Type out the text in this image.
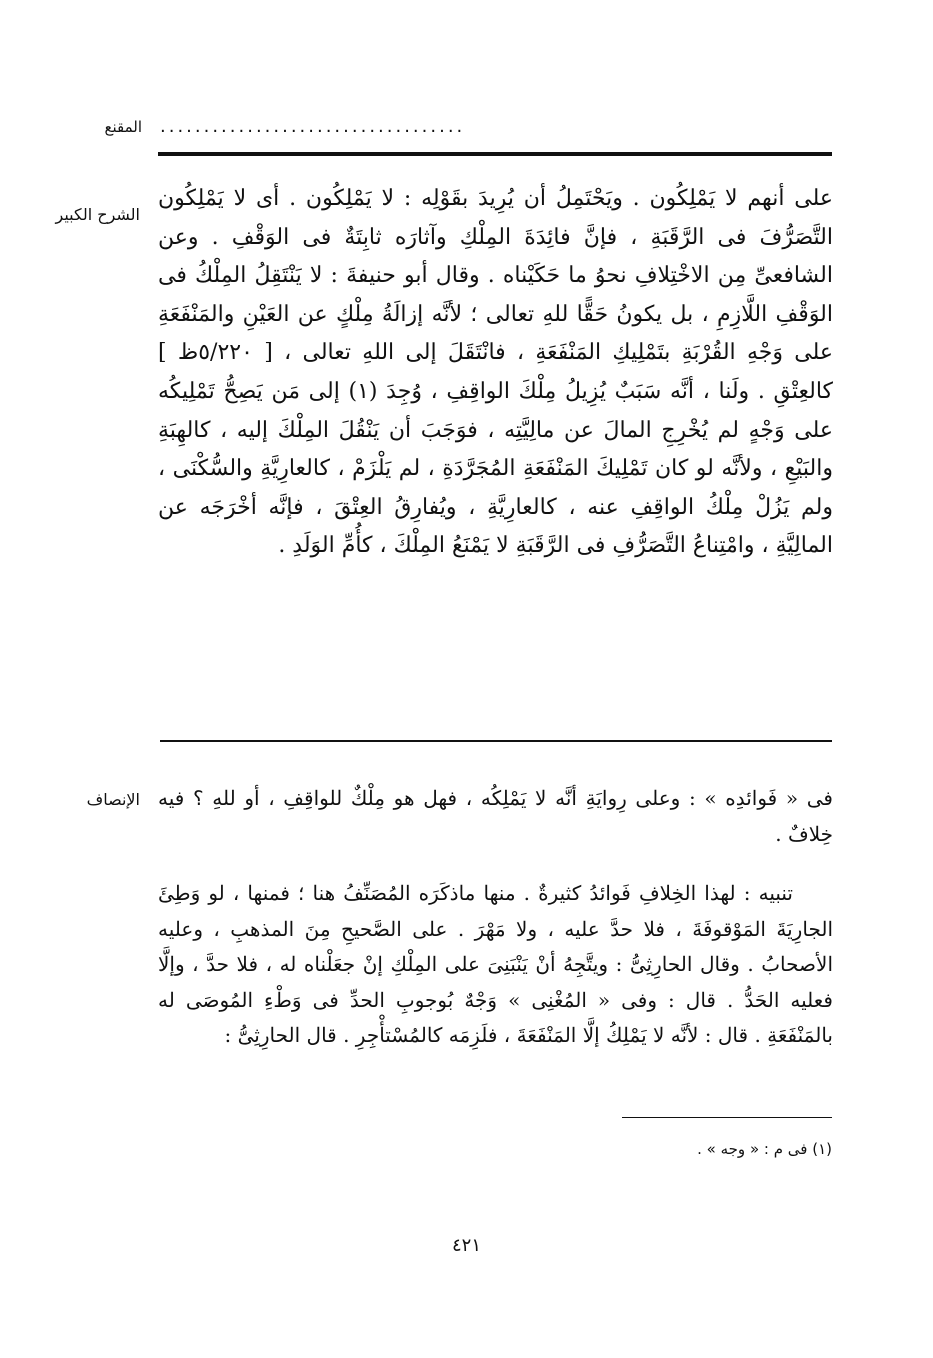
...................................
المقنع
الشرح الكبير

على أنهم لا يَمْلِكُون . ويَحْتَمِلُ أن يُرِيدَ بقَوْلِه : لا يَمْلِكُون . أى لا يَمْلِكُون التَّصَرُّفَ فى الرَّقَبَةِ ، فإنَّ فائِدَةَ المِلْكِ وآثارَه ثابِتَةٌ فى الوَقْفِ . وعن الشافعىِّ مِن الاخْتِلافِ نحوُ ما حَكَيْناه . وقال أبو حنيفةَ : لا يَنْتَقِلُ المِلْكُ فى الوَقْفِ اللَّازِمِ ، بل يكونُ حَقًّا للهِ تعالى ؛ لأنَّه إزالَةُ مِلْكٍ عن العَيْنِ والمَنْفَعَةِ على وَجْهِ القُرْبَةِ بتَمْلِيكِ المَنْفَعَةِ ، فانْتَقَلَ إلى اللهِ تعالى ، [ ٥/٢٢٠ظ ] كالعِتْقِ . ولَنا ، أنَّه سَبَبٌ يُزِيلُ مِلْكَ الواقِفِ ، وُجِدَ (١) إلى مَن يَصِحُّ تَمْلِيكُه على وَجْهٍ لم يُخْرِجِ المالَ عن مالِيَّتِه ، فوَجَبَ أن يَنْقُلَ المِلْكَ إليه ، كالهِبَةِ والبَيْعِ ، ولأنَّه لو كان تَمْلِيكَ المَنْفَعَةِ المُجَرَّدَةِ ، لم يَلْزَمْ ، كالعارِيَّةِ والسُّكْنَى ، ولم يَزُلْ مِلْكُ الواقِفِ عنه ، كالعارِيَّةِ ، ويُفارِقُ العِتْقَ ، فإنَّه أخْرَجَه عن المالِيَّةِ ، وامْتِناعُ التَّصَرُّفِ فى الرَّقَبَةِ لا يَمْنَعُ المِلْكَ ، كأُمِّ الوَلَدِ .

الإنصاف فى « فَوائدِه » : وعلى رِوايَةِ أنَّه لا يَمْلِكُه ، فهل هو مِلْكٌ للواقِفِ ، أو للهِ ؟ فيه خِلافٌ .

تنبيه : لهذا الخِلافِ فَوائدُ كثيرةٌ . منها ماذكَرَه المُصَنِّفُ هنا ؛ فمنها ، لو وَطِئَ الجارِيَةَ المَوْقوفَةَ ، فلا حدَّ عليه ، ولا مَهْرَ . على الصَّحيحِ مِنَ المذهبِ ، وعليه الأصحابُ . وقال الحارِثِىُّ : ويتَّجِهُ أنْ يَنْبَنِىَ على المِلْكِ إنْ جعَلْناه له ، فلا حدَّ ، وإلَّا فعليه الحَدُّ . قال : وفى « المُغْنِى » وَجْهٌ بُوجوبِ الحدِّ فى وَطْءِ المُوصَى له بالمَنْفَعَةِ . قال : لأنَّه لا يَمْلِكُ إلَّا المَنْفَعَةَ ، فلَزِمَه كالمُسْتأْجِرِ . قال الحارِثِىُّ :

(١) فى م : « وجه » .
٤٢١
